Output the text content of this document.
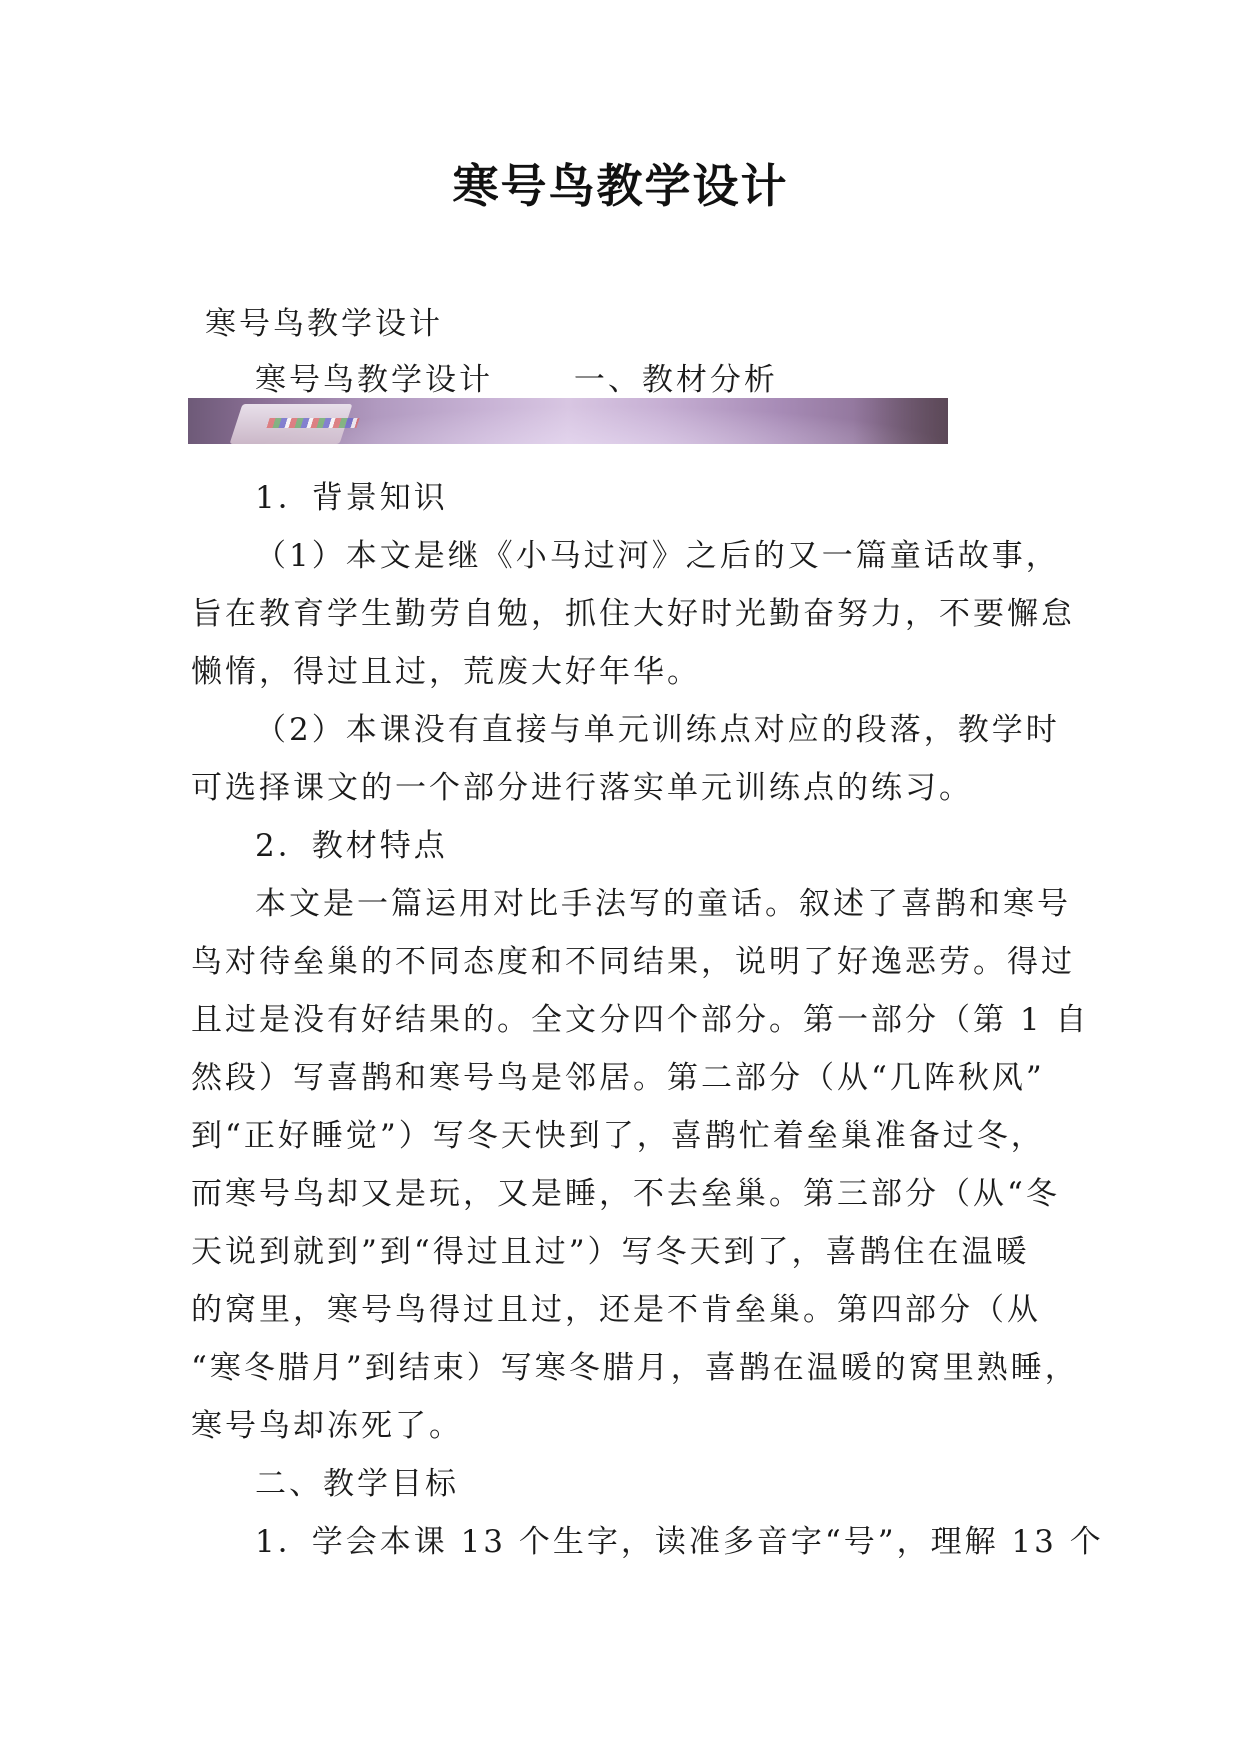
寒号鸟教学设计
寒号鸟教学设计
寒号鸟教学设计　　 一、教材分析
1．背景知识
（1）本文是继《小马过河》之后的又一篇童话故事，
旨在教育学生勤劳自勉，抓住大好时光勤奋努力，不要懈怠
懒惰，得过且过，荒废大好年华。
（2）本课没有直接与单元训练点对应的段落，教学时
可选择课文的一个部分进行落实单元训练点的练习。
2．教材特点
本文是一篇运用对比手法写的童话。叙述了喜鹊和寒号
鸟对待垒巢的不同态度和不同结果，说明了好逸恶劳。得过
且过是没有好结果的。全文分四个部分。第一部分（第 1 自
然段）写喜鹊和寒号鸟是邻居。第二部分（从“几阵秋风”
到“正好睡觉”）写冬天快到了，喜鹊忙着垒巢准备过冬，
而寒号鸟却又是玩，又是睡，不去垒巢。第三部分（从“冬
天说到就到”到“得过且过”）写冬天到了，喜鹊住在温暖
的窝里，寒号鸟得过且过，还是不肯垒巢。第四部分（从
“寒冬腊月”到结束）写寒冬腊月，喜鹊在温暖的窝里熟睡，
寒号鸟却冻死了。
二、教学目标
1．学会本课 13 个生字，读准多音字“号”，理解 13 个
